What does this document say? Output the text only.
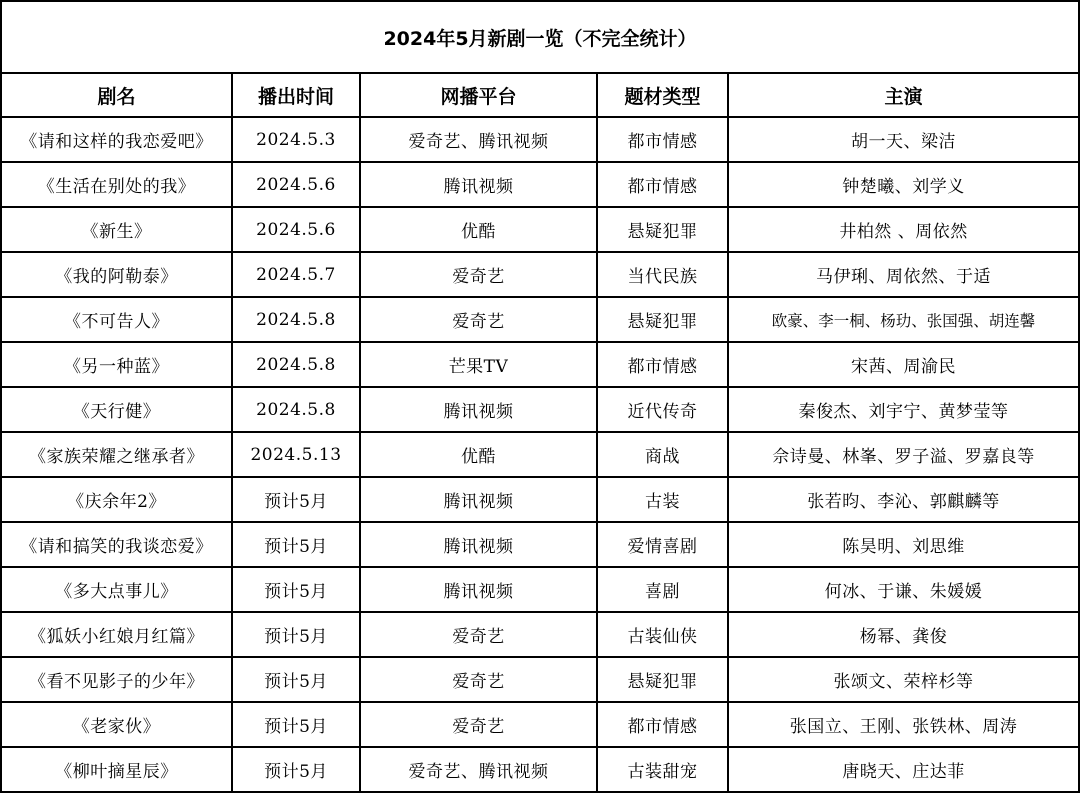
2024年5月新剧一览（不完全统计）				
剧名	播出时间	网播平台	题材类型	主演
《请和这样的我恋爱吧》	2024.5.3	爱奇艺、腾讯视频	都市情感	胡一天、梁洁
《生活在别处的我》	2024.5.6	腾讯视频	都市情感	钟楚曦、刘学义
《新生》	2024.5.6	优酷	悬疑犯罪	井柏然 、周依然
《我的阿勒泰》	2024.5.7	爱奇艺	当代民族	马伊琍、周依然、于适
《不可告人》	2024.5.8	爱奇艺	悬疑犯罪	欧豪、李一桐、杨玏、张国强、胡连馨
《另一种蓝》	2024.5.8	芒果TV	都市情感	宋茜、周渝民
《天行健》	2024.5.8	腾讯视频	近代传奇	秦俊杰、刘宇宁、黄梦莹等
《家族荣耀之继承者》	2024.5.13	优酷	商战	佘诗曼、林峯、罗子溢、罗嘉良等
《庆余年2》	预计5月	腾讯视频	古装	张若昀、李沁、郭麒麟等
《请和搞笑的我谈恋爱》	预计5月	腾讯视频	爱情喜剧	陈昊明、刘思维
《多大点事儿》	预计5月	腾讯视频	喜剧	何冰、于谦、朱媛媛
《狐妖小红娘月红篇》	预计5月	爱奇艺	古装仙侠	杨幂、龚俊
《看不见影子的少年》	预计5月	爱奇艺	悬疑犯罪	张颂文、荣梓杉等
《老家伙》	预计5月	爱奇艺	都市情感	张国立、王刚、张铁林、周涛
《柳叶摘星辰》	预计5月	爱奇艺、腾讯视频	古装甜宠	唐晓天、庄达菲
